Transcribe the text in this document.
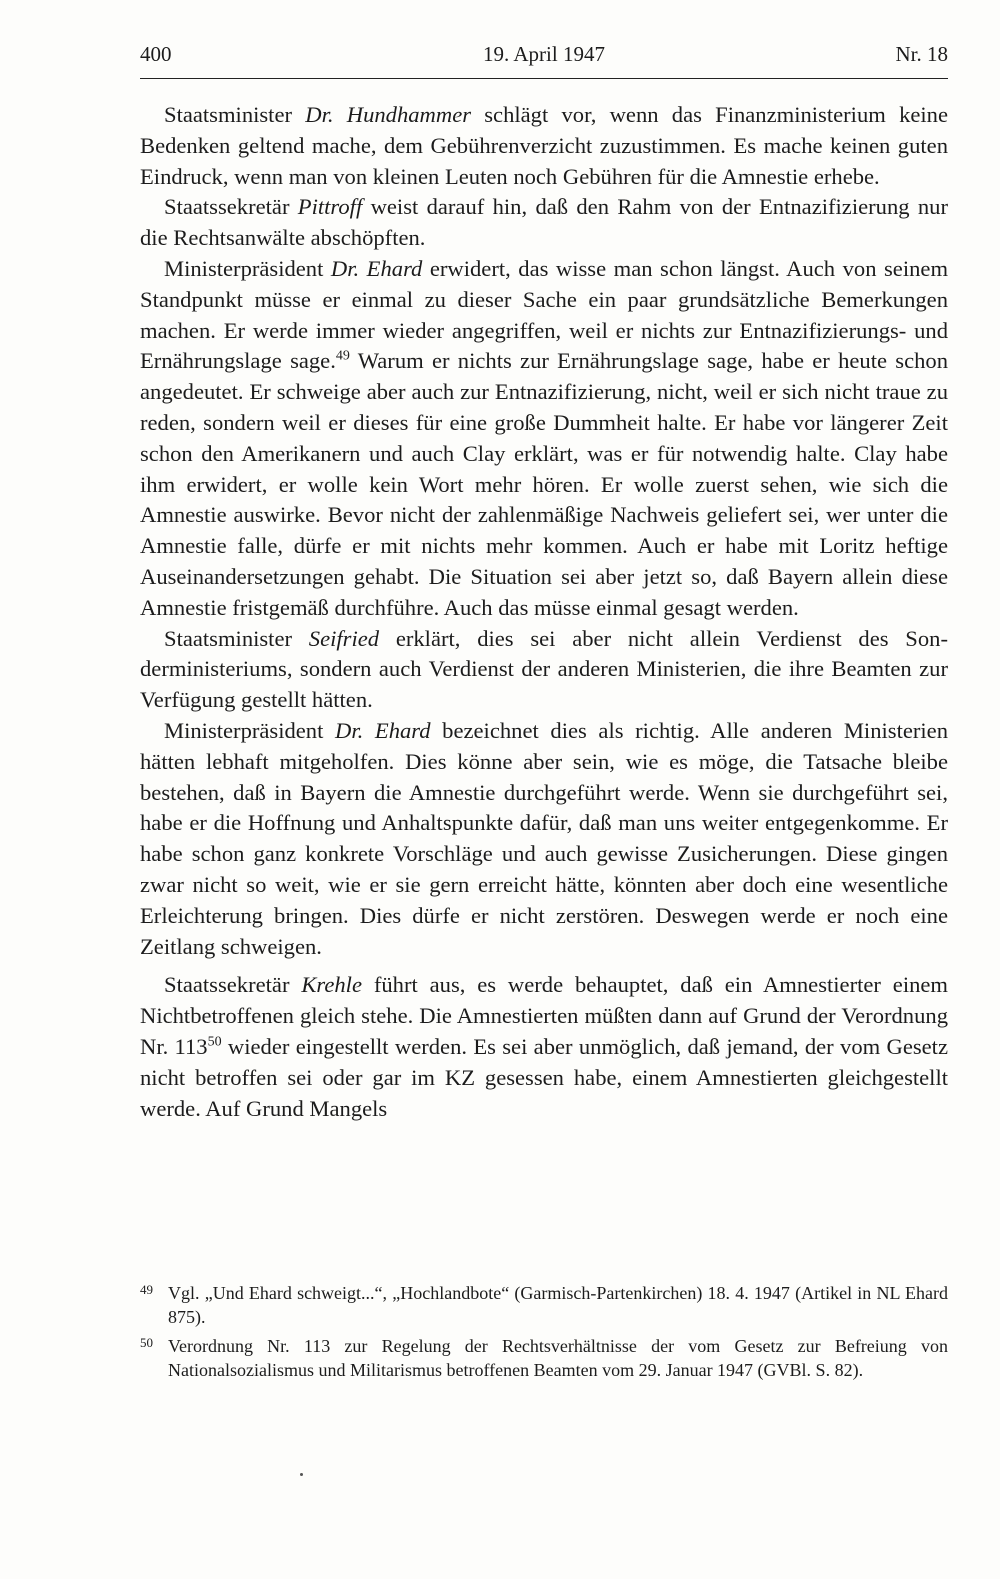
400	19. April 1947	Nr. 18

Staatsminister Dr. Hundhammer schlägt vor, wenn das Finanzministerium keine Bedenken geltend mache, dem Gebührenverzicht zuzustimmen. Es mache keinen guten Eindruck, wenn man von kleinen Leuten noch Gebühren für die Amnestie erhebe.

Staatssekretär Pittroff weist darauf hin, daß den Rahm von der Entnazifizierung nur die Rechtsanwälte abschöpften.

Ministerpräsident Dr. Ehard erwidert, das wisse man schon längst. Auch von seinem Standpunkt müsse er einmal zu dieser Sache ein paar grundsätzliche Bemerkungen machen. Er werde immer wieder angegriffen, weil er nichts zur Entnazifizierungs- und Ernährungslage sage.$^{49}$ Warum er nichts zur Ernährungslage sage, habe er heute schon angedeutet. Er schweige aber auch zur Entnazifizierung, nicht, weil er sich nicht traue zu reden, sondern weil er dieses für eine große Dummheit halte. Er habe vor längerer Zeit schon den Amerikanern und auch Clay erklärt, was er für notwendig halte. Clay habe ihm erwidert, er wolle kein Wort mehr hören. Er wolle zuerst sehen, wie sich die Amnestie auswirke. Bevor nicht der zahlenmäßige Nachweis geliefert sei, wer unter die Amnestie falle, dürfe er mit nichts mehr kommen. Auch er habe mit Loritz heftige Auseinandersetzungen gehabt. Die Situation sei aber jetzt so, daß Bayern allein diese Amnestie fristgemäß durchführe. Auch das müsse einmal gesagt werden.

Staatsminister Seifried erklärt, dies sei aber nicht allein Verdienst des Sonderministeriums, sondern auch Verdienst der anderen Ministerien, die ihre Beamten zur Verfügung gestellt hätten.

Ministerpräsident Dr. Ehard bezeichnet dies als richtig. Alle anderen Ministerien hätten lebhaft mitgeholfen. Dies könne aber sein, wie es möge, die Tatsache bleibe bestehen, daß in Bayern die Amnestie durchgeführt werde. Wenn sie durchgeführt sei, habe er die Hoffnung und Anhaltspunkte dafür, daß man uns weiter entgegenkomme. Er habe schon ganz konkrete Vorschläge und auch gewisse Zusicherungen. Diese gingen zwar nicht so weit, wie er sie gern erreicht hätte, könnten aber doch eine wesentliche Erleichterung bringen. Dies dürfe er nicht zerstören. Deswegen werde er noch eine Zeitlang schweigen.

Staatssekretär Krehle führt aus, es werde behauptet, daß ein Amnestierter einem Nichtbetroffenen gleich stehe. Die Amnestierten müßten dann auf Grund der Verordnung Nr. $113^{50}$ wieder eingestellt werden. Es sei aber unmöglich, daß jemand, der vom Gesetz nicht betroffen sei oder gar im KZ gesessen habe, einem Amnestierten gleichgestellt werde. Auf Grund Mangels

49 Vgl. „Und Ehard schweigt...“, „Hochlandbote“ (Garmisch-Partenkirchen) 18. 4. 1947 (Artikel in NL Ehard 875).
50 Verordnung Nr. 113 zur Regelung der Rechtsverhältnisse der vom Gesetz zur Befreiung von Nationalsozialismus und Militarismus betroffenen Beamten vom 29. Januar 1947 (GVBl. S. 82).
